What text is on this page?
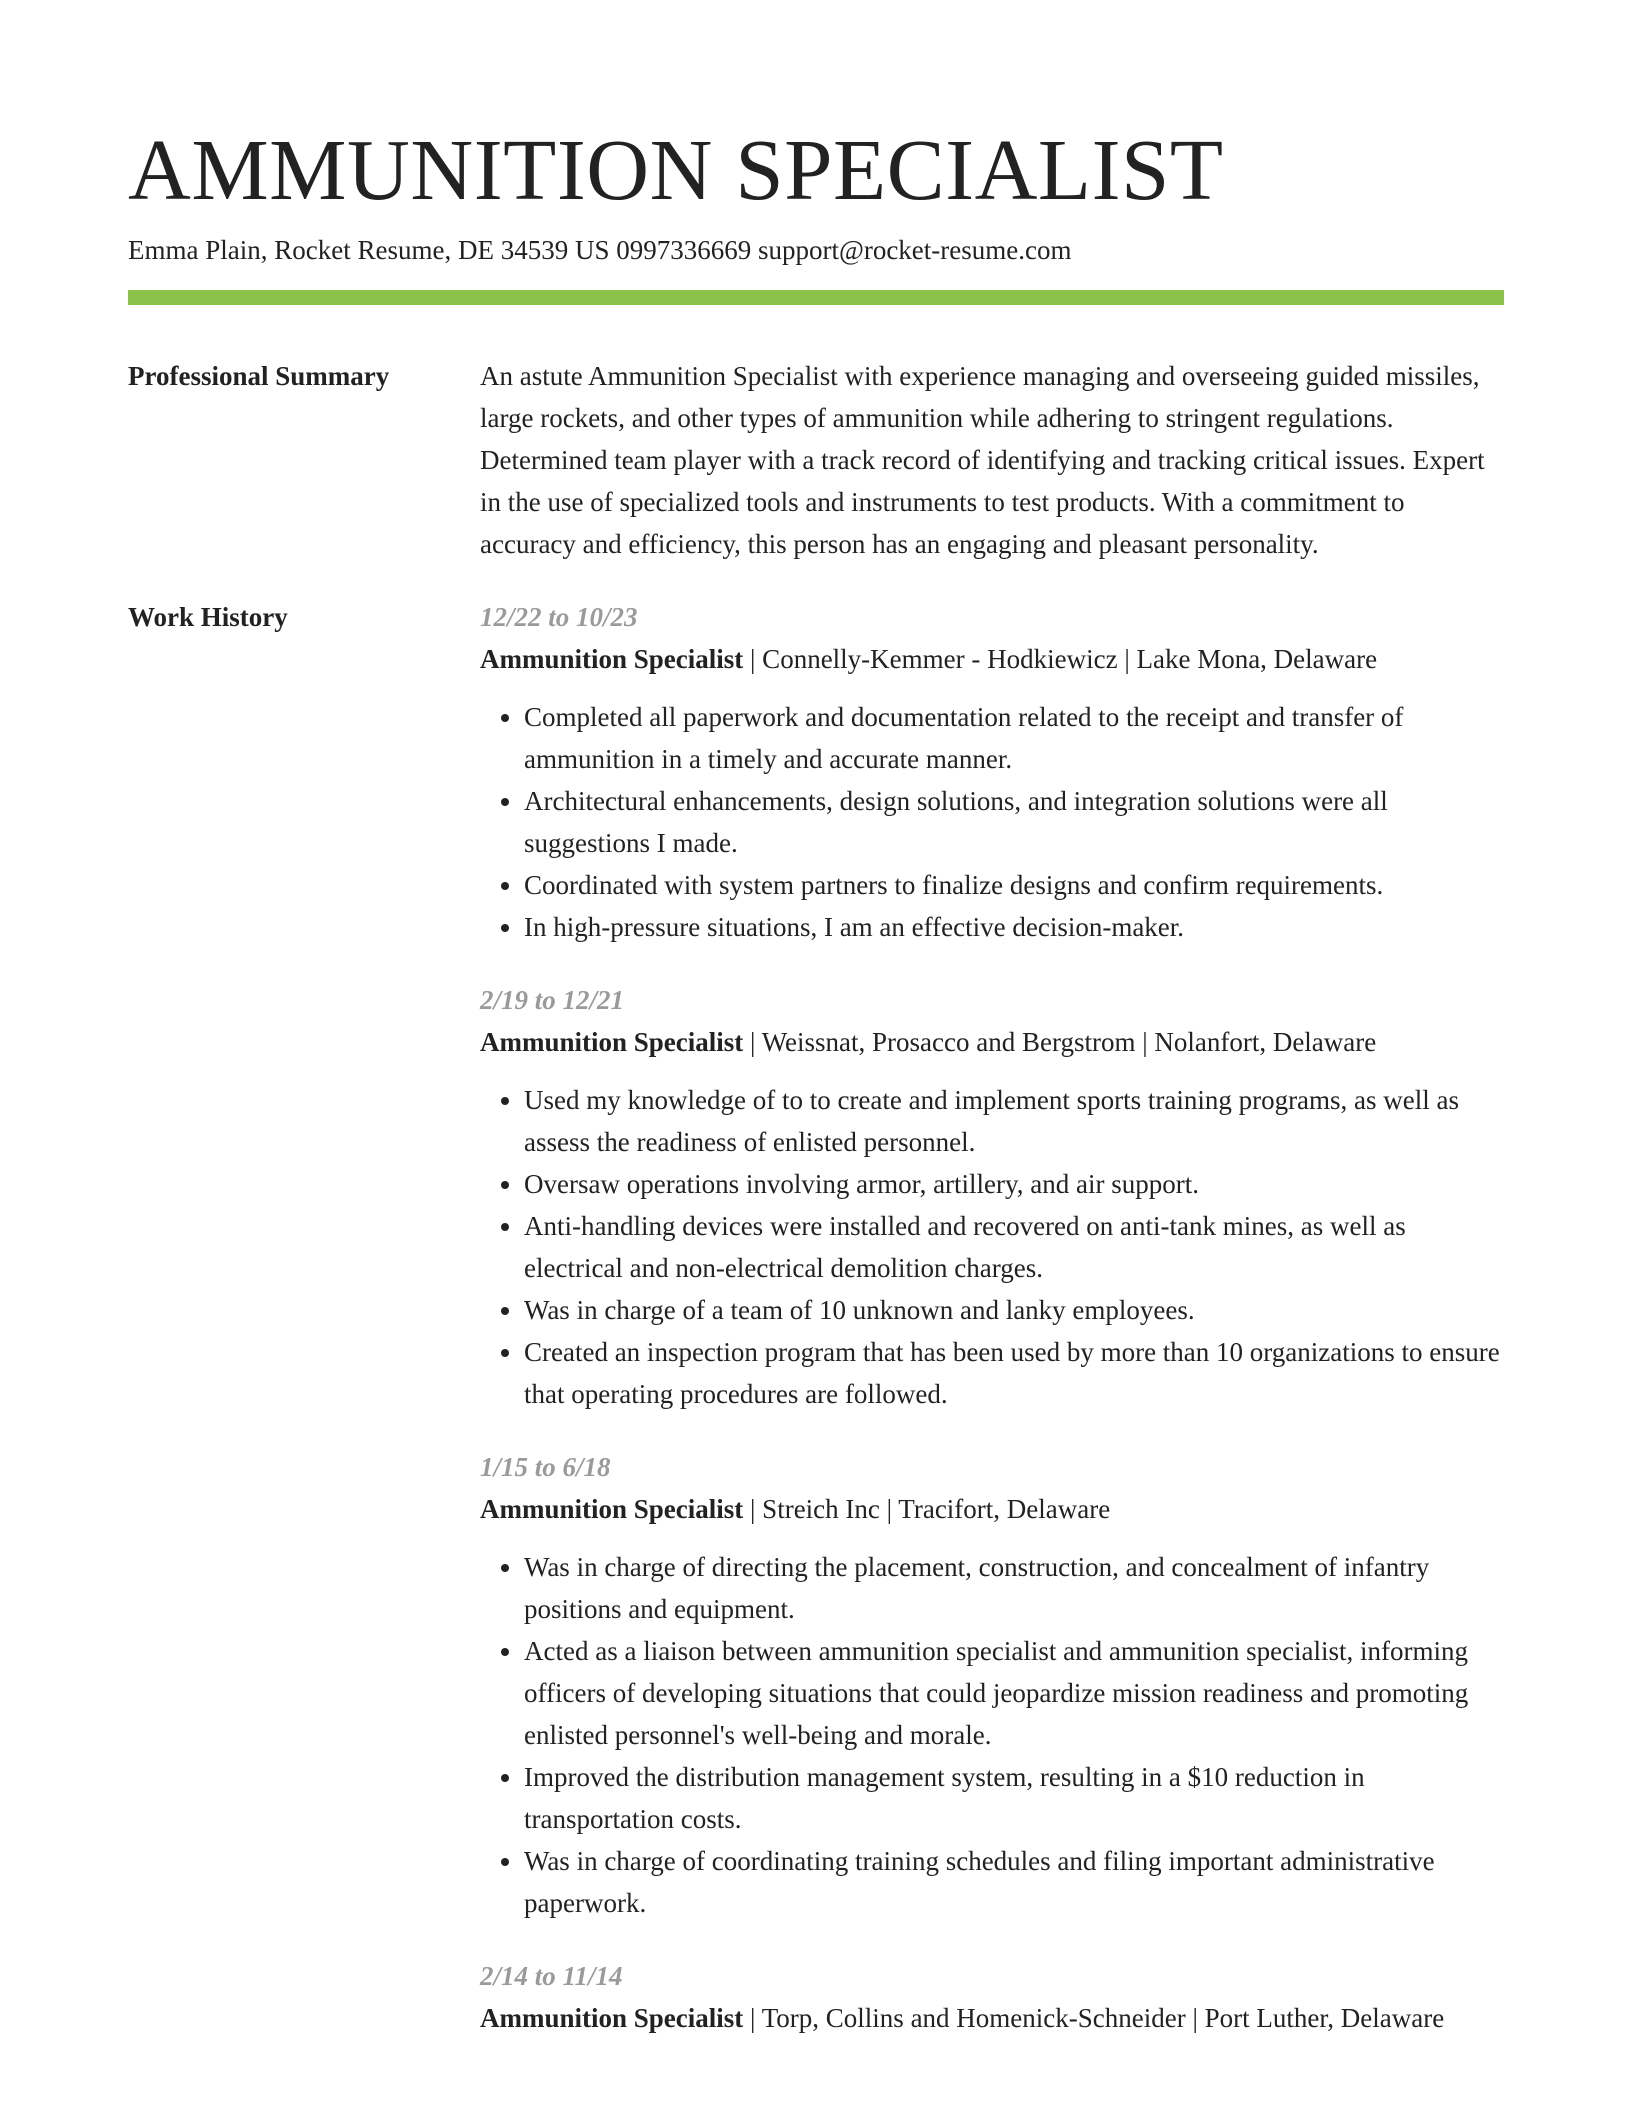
AMMUNITION SPECIALIST
Emma Plain, Rocket Resume, DE 34539 US 0997336669 support@rocket-resume.com
Professional Summary	An astute Ammunition Specialist with experience managing and overseeing guided missiles, large rockets, and other types of ammunition while adhering to stringent regulations. Determined team player with a track record of identifying and tracking critical issues. Expert in the use of specialized tools and instruments to test products. With a commitment to accuracy and efficiency, this person has an engaging and pleasant personality.
Work History	12/22 to 10/23
Ammunition Specialist | Connelly-Kemmer - Hodkiewicz | Lake Mona, Delaware
• Completed all paperwork and documentation related to the receipt and transfer of ammunition in a timely and accurate manner.
• Architectural enhancements, design solutions, and integration solutions were all suggestions I made.
• Coordinated with system partners to finalize designs and confirm requirements.
• In high-pressure situations, I am an effective decision-maker.
2/19 to 12/21
Ammunition Specialist | Weissnat, Prosacco and Bergstrom | Nolanfort, Delaware
• Used my knowledge of to to create and implement sports training programs, as well as assess the readiness of enlisted personnel.
• Oversaw operations involving armor, artillery, and air support.
• Anti-handling devices were installed and recovered on anti-tank mines, as well as electrical and non-electrical demolition charges.
• Was in charge of a team of 10 unknown and lanky employees.
• Created an inspection program that has been used by more than 10 organizations to ensure that operating procedures are followed.
1/15 to 6/18
Ammunition Specialist | Streich Inc | Tracifort, Delaware
• Was in charge of directing the placement, construction, and concealment of infantry positions and equipment.
• Acted as a liaison between ammunition specialist and ammunition specialist, informing officers of developing situations that could jeopardize mission readiness and promoting enlisted personnel's well-being and morale.
• Improved the distribution management system, resulting in a $10 reduction in transportation costs.
• Was in charge of coordinating training schedules and filing important administrative paperwork.
2/14 to 11/14
Ammunition Specialist | Torp, Collins and Homenick-Schneider | Port Luther, Delaware
